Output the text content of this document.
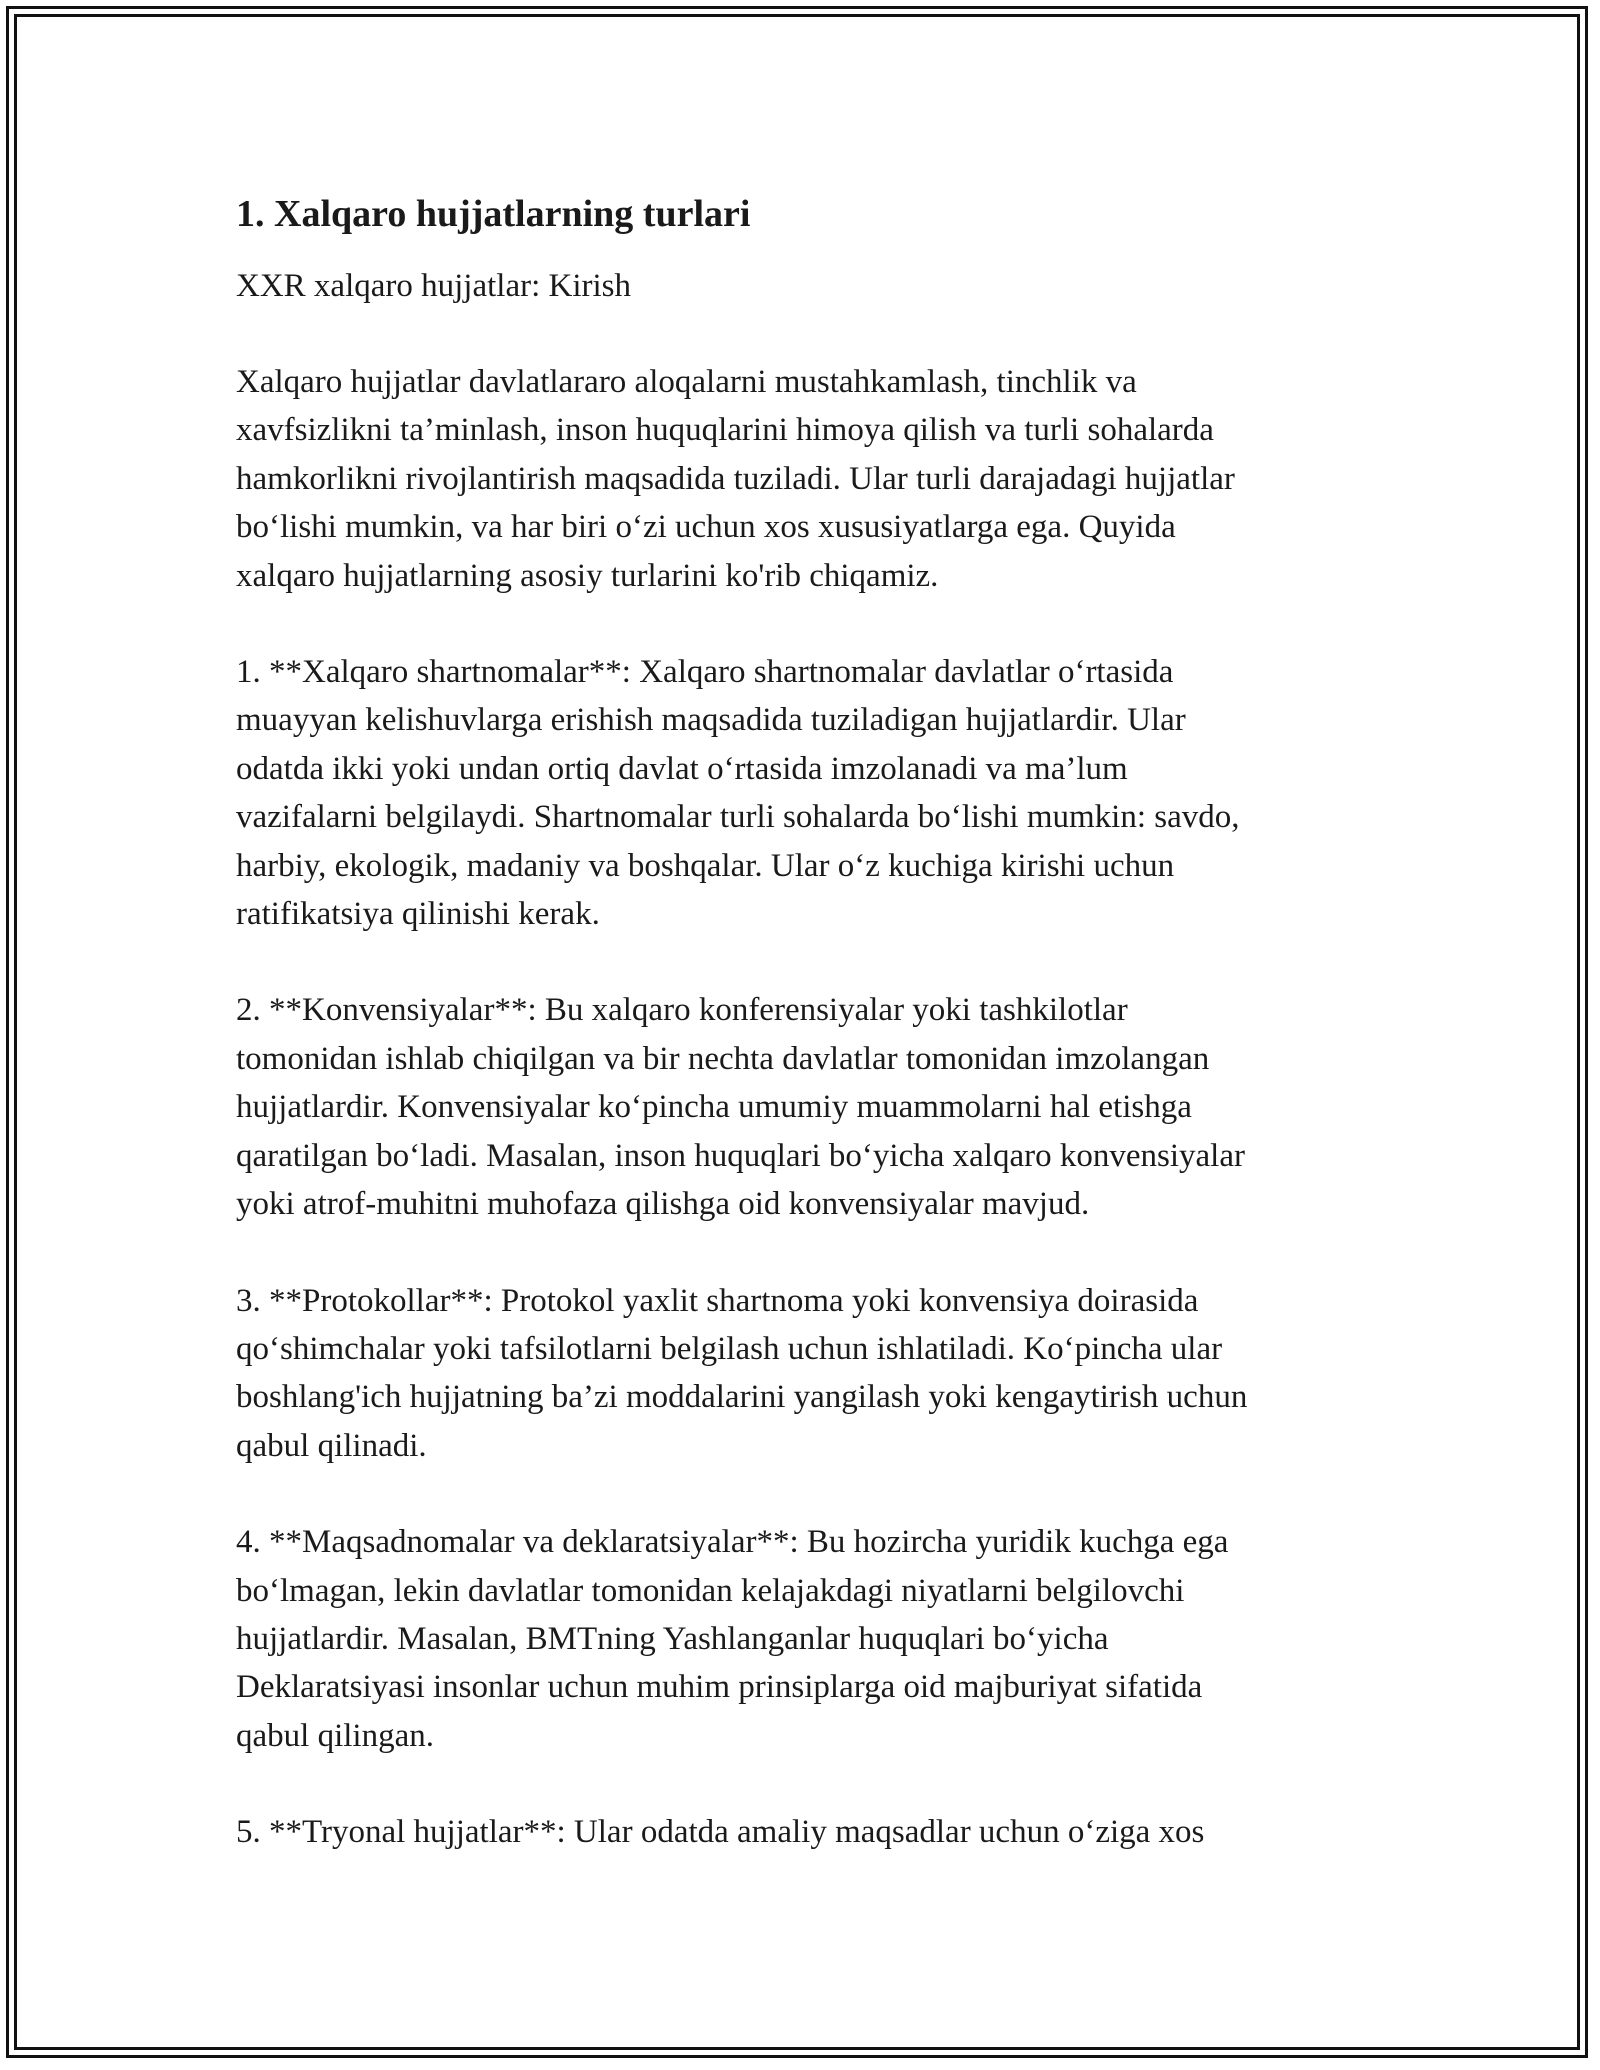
1. Xalqaro hujjatlarning turlari

XXR xalqaro hujjatlar: Kirish

Xalqaro hujjatlar davlatlararo aloqalarni mustahkamlash, tinchlik va
xavfsizlikni ta’minlash, inson huquqlarini himoya qilish va turli sohalarda
hamkorlikni rivojlantirish maqsadida tuziladi. Ular turli darajadagi hujjatlar
bo‘lishi mumkin, va har biri o‘zi uchun xos xususiyatlarga ega. Quyida
xalqaro hujjatlarning asosiy turlarini ko'rib chiqamiz.

1. **Xalqaro shartnomalar**: Xalqaro shartnomalar davlatlar o‘rtasida
muayyan kelishuvlarga erishish maqsadida tuziladigan hujjatlardir. Ular
odatda ikki yoki undan ortiq davlat o‘rtasida imzolanadi va ma’lum
vazifalarni belgilaydi. Shartnomalar turli sohalarda bo‘lishi mumkin: savdo,
harbiy, ekologik, madaniy va boshqalar. Ular o‘z kuchiga kirishi uchun
ratifikatsiya qilinishi kerak.

2. **Konvensiyalar**: Bu xalqaro konferensiyalar yoki tashkilotlar
tomonidan ishlab chiqilgan va bir nechta davlatlar tomonidan imzolangan
hujjatlardir. Konvensiyalar ko‘pincha umumiy muammolarni hal etishga
qaratilgan bo‘ladi. Masalan, inson huquqlari bo‘yicha xalqaro konvensiyalar
yoki atrof-muhitni muhofaza qilishga oid konvensiyalar mavjud.

3. **Protokollar**: Protokol yaxlit shartnoma yoki konvensiya doirasida
qo‘shimchalar yoki tafsilotlarni belgilash uchun ishlatiladi. Ko‘pincha ular
boshlang'ich hujjatning ba’zi moddalarini yangilash yoki kengaytirish uchun
qabul qilinadi.

4. **Maqsadnomalar va deklaratsiyalar**: Bu hozircha yuridik kuchga ega
bo‘lmagan, lekin davlatlar tomonidan kelajakdagi niyatlarni belgilovchi
hujjatlardir. Masalan, BMTning Yashlanganlar huquqlari bo‘yicha
Deklaratsiyasi insonlar uchun muhim prinsiplarga oid majburiyat sifatida
qabul qilingan.

5. **Tryonal hujjatlar**: Ular odatda amaliy maqsadlar uchun o‘ziga xos
